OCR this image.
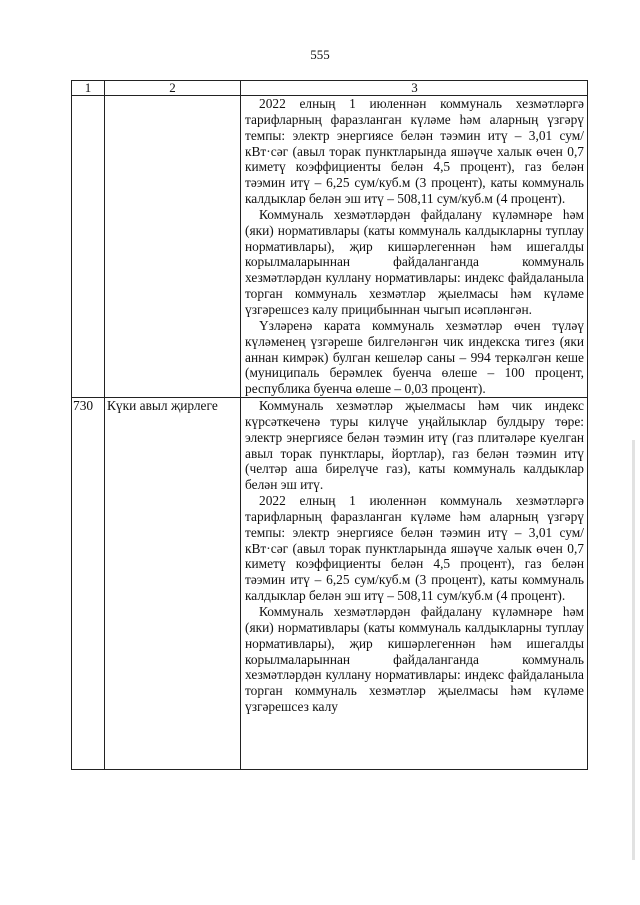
555
1	2	3

		2022 елның 1 июленнән коммуналь хезмәтләргә тарифларның фаразланган күләме һәм аларның үзгәрү темпы: электр энергиясе белән тәэмин итү – 3,01 сум/кВт·сәг (авыл торак пунктларында яшәүче халык өчен 0,7 киметү коэффициенты белән 4,5 процент), газ белән тәэмин итү – 6,25 сум/куб.м (3 процент), каты коммуналь калдыклар белән эш итү – 508,11 сум/куб.м (4 процент).

Коммуналь хезмәтләрдән файдалану күләмнәре һәм (яки) нормативлары (каты коммуналь калдыкларны туплау нормативлары), җир кишәрлегеннән һәм ишегалды корылмаларыннан файдаланганда коммуналь хезмәтләрдән куллану нормативлары: индекс файдаланыла торган коммуналь хезмәтләр җыелмасы һәм күләме үзгәрешсез калу прицибыннан чыгып исәпләнгән.

Үзләренә карата коммуналь хезмәтләр өчен түләү күләменең үзгәреше билгеләнгән чик индекска тигез (яки аннан кимрәк) булган кешеләр саны – 994 теркәлгән кеше (муниципаль берәмлек буенча өлеше – 100 процент, республика буенча өлеше – 0,03 процент).

730	Күки авыл җирлеге	Коммуналь хезмәтләр җыелмасы һәм чик индекс күрсәткеченә туры килүче уңайлыклар булдыру төре: электр энергиясе белән тәэмин итү (газ плитәләре куелган авыл торак пунктлары, йортлар), газ белән тәэмин итү (челтәр аша бирелүче газ), каты коммуналь калдыклар белән эш итү.

2022 елның 1 июленнән коммуналь хезмәтләргә тарифларның фаразланган күләме һәм аларның үзгәрү темпы: электр энергиясе белән тәэмин итү – 3,01 сум/кВт·сәг (авыл торак пунктларында яшәүче халык өчен 0,7 киметү коэффициенты белән 4,5 процент), газ белән тәэмин итү – 6,25 сум/куб.м (3 процент), каты коммуналь калдыклар белән эш итү – 508,11 сум/куб.м (4 процент).

Коммуналь хезмәтләрдән файдалану күләмнәре һәм (яки) нормативлары (каты коммуналь калдыкларны туплау нормативлары), җир кишәрлегеннән һәм ишегалды корылмаларыннан файдаланганда коммуналь хезмәтләрдән куллану нормативлары: индекс файдаланыла торган коммуналь хезмәтләр җыелмасы һәм күләме үзгәрешсез калу
